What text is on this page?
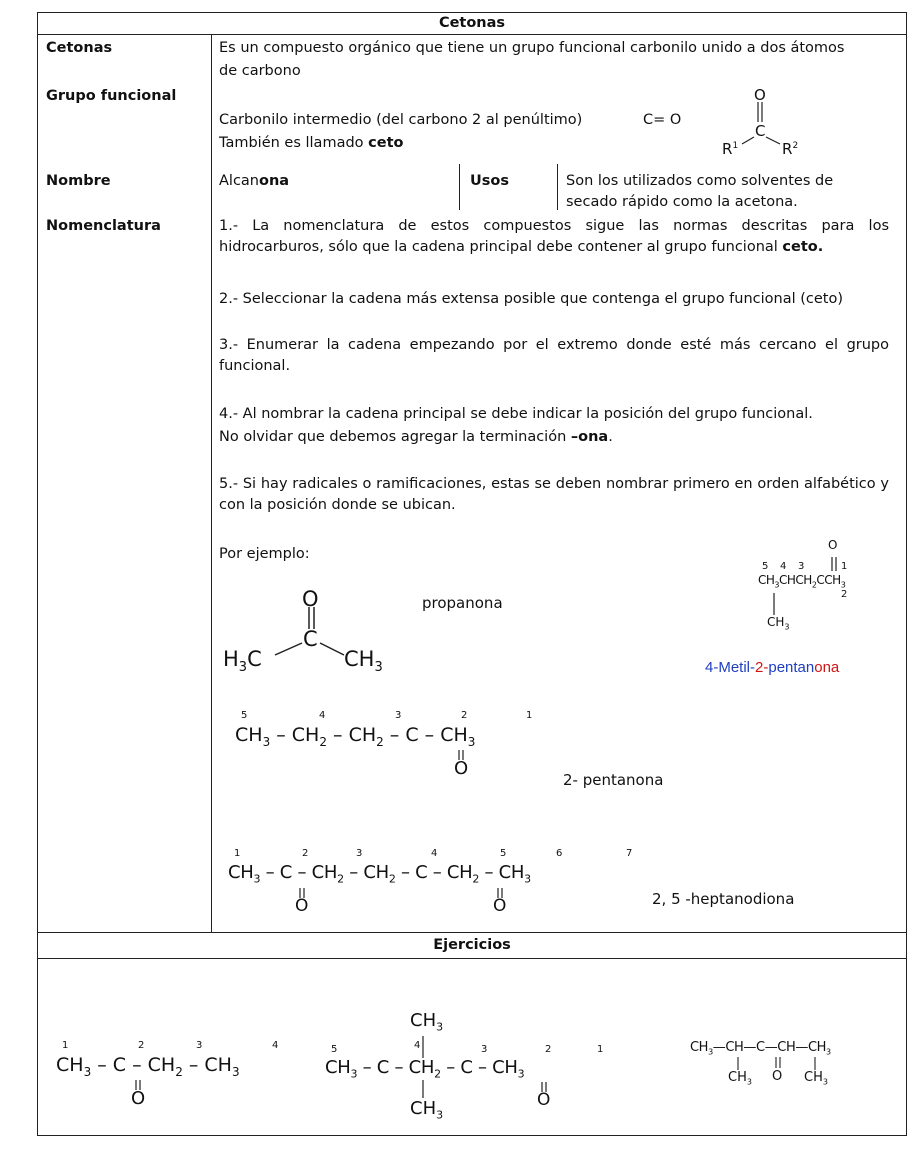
Cetonas
Cetonas	Es un compuesto orgánico que tiene un grupo funcional carbonilo unido a dos átomos
de carbono
Grupo funcional
Carbonilo intermedio (del carbono 2 al penúltimo)	C= O
También es llamado ceto
O
C
$R^1$	$R^2$
Nombre	Alcanona	Usos	Son los utilizados como solventes de
secado rápido como la acetona.
Nomenclatura	1.- La nomenclatura de estos compuestos sigue las normas descritas para los hidrocarburos, sólo que la cadena principal debe contener al grupo funcional ceto.
2.- Seleccionar la cadena más extensa posible que contenga el grupo funcional (ceto)
3.- Enumerar la cadena empezando por el extremo donde esté más cercano el grupo funcional.
4.- Al nombrar la cadena principal se debe indicar la posición del grupo funcional.
No olvidar que debemos agregar la terminación –ona.
5.- Si hay radicales o ramificaciones, estas se deben nombrar primero en orden alfabético y con la posición donde se ubican.
Por ejemplo:
O
C
$H_3C$	$CH_3$
propanona
O
5 4 3	1
$CH_3CHCH_2CCH_3$
2
$CH_3$
4-Metil-2-pentanona
5	4	3	2	1
$CH_3 - CH_2 - CH_2$ – C – $CH_3$
O
2- pentanona
1	2	3	4	5	6	7
$CH_3$ – C – $CH_2 - CH_2$ – C – $CH_2 - CH_3$
O	O	2, 5 -heptanodiona
Ejercicios
1	2	3	4
$CH_3$ – C – $CH_2 - CH_3$
O
$CH_3$
5	4	3	2	1
$CH_3$ – C – $CH_2$ – C – $CH_3$
$CH_3$
O
$CH_3—CH—C—CH—CH_3$
$CH_3$ O $CH_3$
